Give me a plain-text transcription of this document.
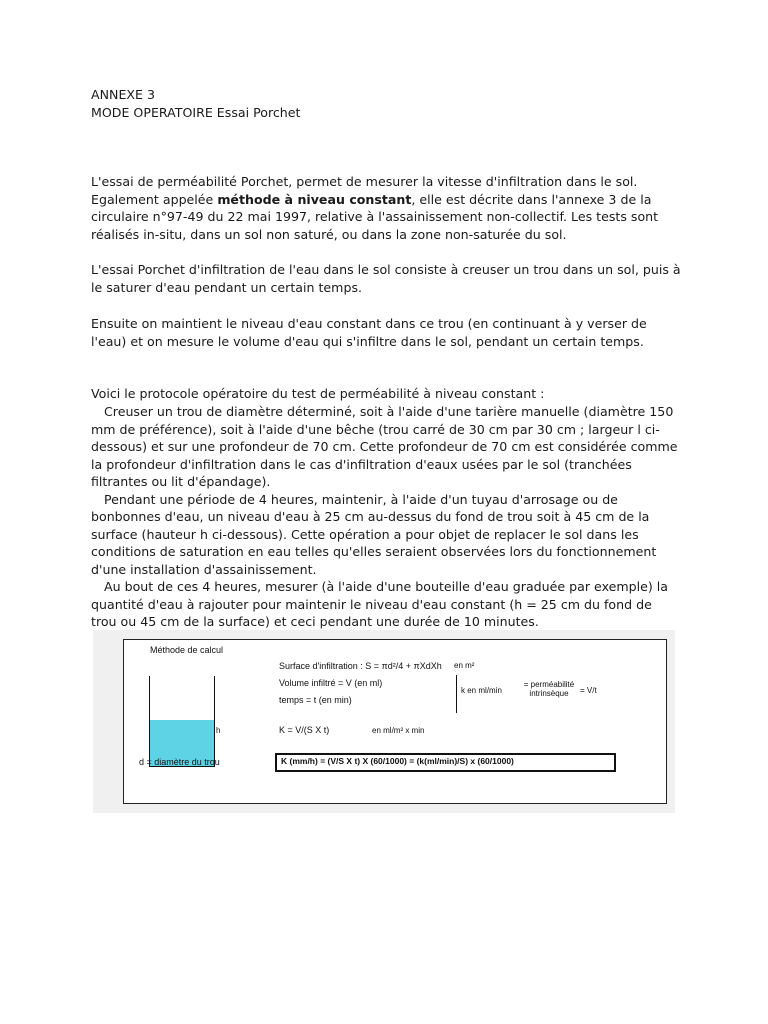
ANNEXE 3

MODE OPERATOIRE Essai Porchet

L'essai de perméabilité Porchet, permet de mesurer la vitesse d'infiltration dans le sol. Egalement appelée méthode à niveau constant, elle est décrite dans l'annexe 3 de la circulaire n°97-49 du 22 mai 1997, relative à l'assainissement non-collectif. Les tests sont réalisés in-situ, dans un sol non saturé, ou dans la zone non-saturée du sol.

L'essai Porchet d'infiltration de l'eau dans le sol consiste à creuser un trou dans un sol, puis à le saturer d'eau pendant un certain temps.

Ensuite on maintient le niveau d'eau constant dans ce trou (en continuant à y verser de l'eau) et on mesure le volume d'eau qui s'infiltre dans le sol, pendant un certain temps.

Voici le protocole opératoire du test de perméabilité à niveau constant :

Creuser un trou de diamètre déterminé, soit à l'aide d'une tarière manuelle (diamètre 150 mm de préférence), soit à l'aide d'une bêche (trou carré de 30 cm par 30 cm ; largeur l ci-dessous) et sur une profondeur de 70 cm. Cette profondeur de 70 cm est considérée comme la profondeur d'infiltration dans le cas d'infiltration d'eaux usées par le sol (tranchées filtrantes ou lit d'épandage).

Pendant une période de 4 heures, maintenir, à l'aide d'un tuyau d'arrosage ou de bonbonnes d'eau, un niveau d'eau à 25 cm au-dessus du fond de trou soit à 45 cm de la surface (hauteur h ci-dessous). Cette opération a pour objet de replacer le sol dans les conditions de saturation en eau telles qu'elles seraient observées lors du fonctionnement d'une installation d'assainissement.

Au bout de ces 4 heures, mesurer (à l'aide d'une bouteille d'eau graduée par exemple) la quantité d'eau à rajouter pour maintenir le niveau d'eau constant (h = 25 cm du fond de trou ou 45 cm de la surface) et ceci pendant une durée de 10 minutes.

Méthode de calcul
h
d = diamètre du trou
Surface d'infiltration : S = πd²/4 + πXdXh en m²
Volume infiltré = V (en ml)
temps = t (en min)
k en ml/min
= perméabilité intrinsèque	= V/t
K = V/(S X t)	en ml/m² x min
K (mm/h) = (V/S X t) X (60/1000) = (k(ml/min)/S) x (60/1000)
